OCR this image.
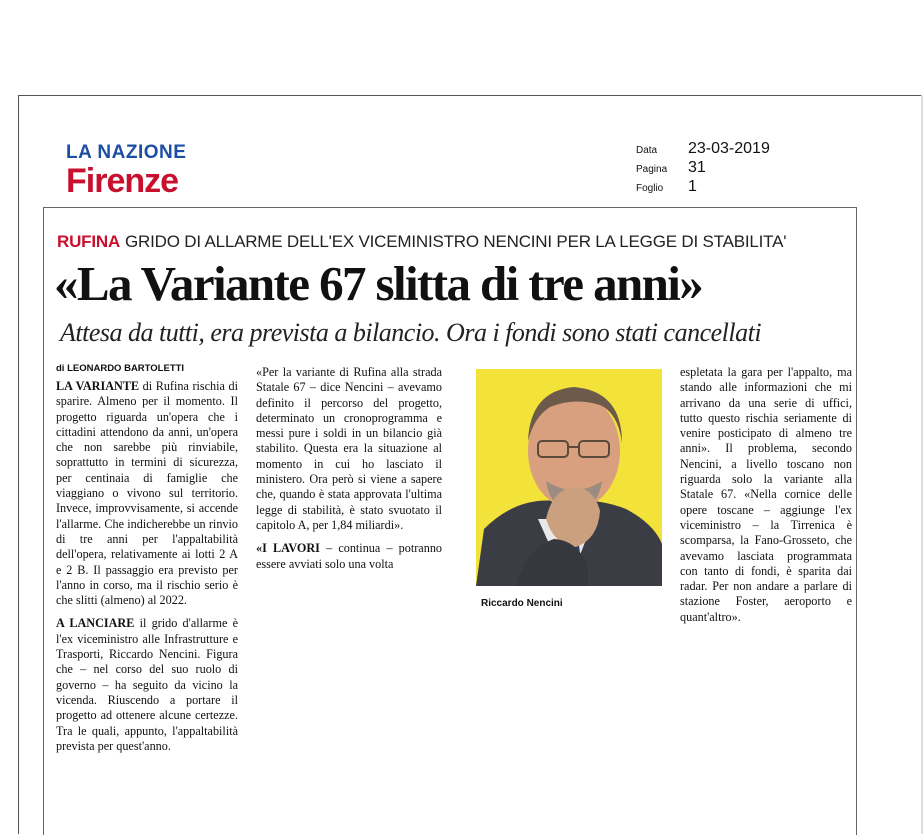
LA NAZIONE
Firenze
Data	23-03-2019
Pagina	31
Foglio	1
RUFINA GRIDO DI ALLARME DELL'EX VICEMINISTRO NENCINI PER LA LEGGE DI STABILITA'
«La Variante 67 slitta di tre anni»
Attesa da tutti, era prevista a bilancio. Ora i fondi sono stati cancellati
di LEONARDO BARTOLETTI

LA VARIANTE di Rufina rischia di sparire. Almeno per il momento. Il progetto riguarda un'opera che i cittadini attendono da anni, un'opera che non sarebbe più rinviabile, soprattutto in termini di sicurezza, per centinaia di famiglie che viaggiano o vivono sul territorio. Invece, improvvisamente, si accende l'allarme. Che indicherebbe un rinvio di tre anni per l'appaltabilità dell'opera, relativamente ai lotti 2 A e 2 B. Il passaggio era previsto per l'anno in corso, ma il rischio serio è che slitti (almeno) al 2022.

A LANCIARE il grido d'allarme è l'ex viceministro alle Infrastrutture e Trasporti, Riccardo Nencini. Figura che – nel corso del suo ruolo di governo – ha seguito da vicino la vicenda. Riuscendo a portare il progetto ad ottenere alcune certezze. Tra le quali, appunto, l'appaltabilità prevista per quest'anno.

«Per la variante di Rufina alla strada Statale 67 – dice Nencini – avevamo definito il percorso del progetto, determinato un cronoprogramma e messi pure i soldi in un bilancio già stabilito. Questa era la situazione al momento in cui ho lasciato il ministero. Ora però si viene a sapere che, quando è stata approvata l'ultima legge di stabilità, è stato svuotato il capitolo A, per 1,84 miliardi».

«I LAVORI – continua – potranno essere avviati solo una volta

Riccardo Nencini

espletata la gara per l'appalto, ma stando alle informazioni che mi arrivano da una serie di uffici, tutto questo rischia seriamente di venire posticipato di almeno tre anni». Il problema, secondo Nencini, a livello toscano non riguarda solo la variante alla Statale 67. «Nella cornice delle opere toscane – aggiunge l'ex viceministro – la Tirrenica è scomparsa, la Fano-Grosseto, che avevamo lasciata programmata con tanto di fondi, è sparita dai radar. Per non andare a parlare di stazione Foster, aeroporto e quant'altro».
